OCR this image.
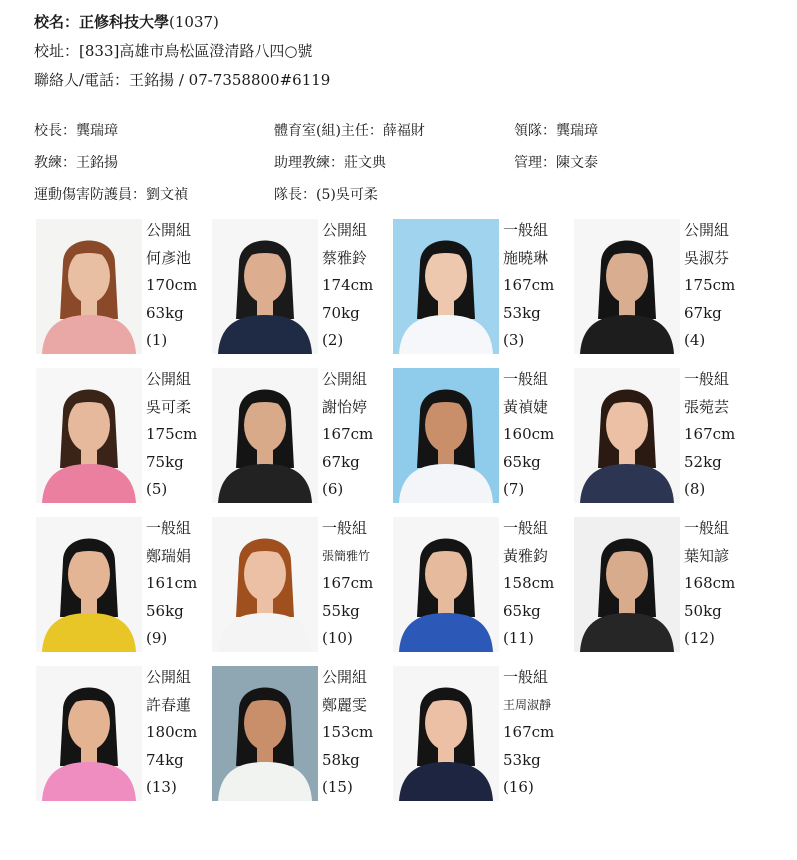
校名：正修科技大學(1037)
校址：[833]高雄市鳥松區澄清路八四○號
聯絡人/電話：王銘揚 / 07-7358800#6119
校長：龔瑞璋	體育室(組)主任：薛福財	領隊：龔瑞璋
教練：王銘揚	助理教練：莊文典	管理：陳文泰
運動傷害防護員：劉文禎	隊長：(5)吳可柔
公開組
何彥池
170cm
63kg
(1)
公開組
蔡雅鈴
174cm
70kg
(2)
一般組
施曉琳
167cm
53kg
(3)
公開組
吳淑芬
175cm
67kg
(4)
公開組
吳可柔
175cm
75kg
(5)
公開組
謝怡婷
167cm
67kg
(6)
一般組
黃禎婕
160cm
65kg
(7)
一般組
張菀芸
167cm
52kg
(8)
一般組
鄭瑞娟
161cm
56kg
(9)
一般組
張簡雅竹
167cm
55kg
(10)
一般組
黃雅鈞
158cm
65kg
(11)
一般組
葉知諺
168cm
50kg
(12)
公開組
許春蓮
180cm
74kg
(13)
公開組
鄭麗雯
153cm
58kg
(15)
一般組
王周淑靜
167cm
53kg
(16)
